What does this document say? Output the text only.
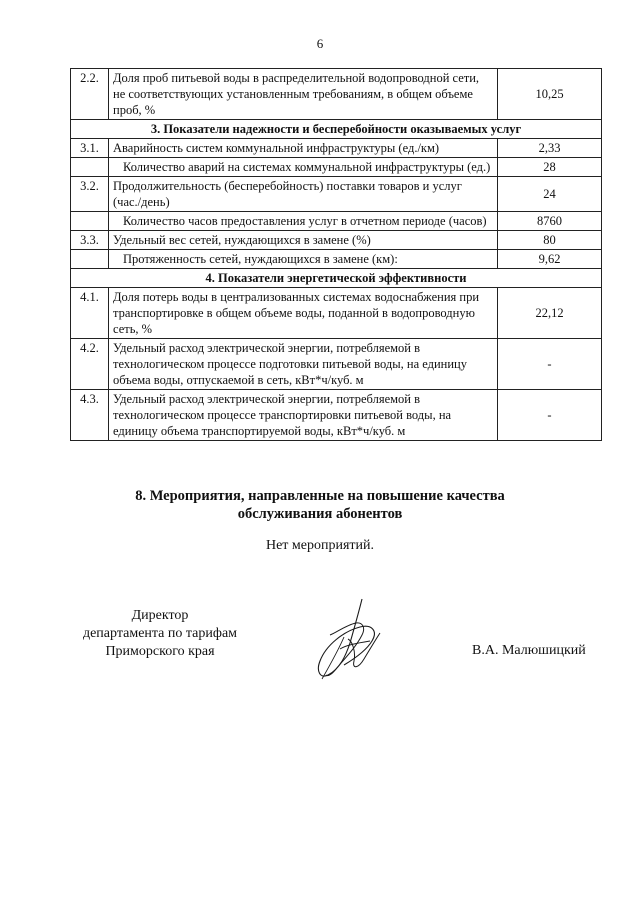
6
2.2.	Доля проб питьевой воды в распределительной водопроводной сети, не соответствующих установленным требованиям, в общем объеме проб, %	10,25
3. Показатели надежности и бесперебойности оказываемых услуг		
3.1.	Аварийность систем коммунальной инфраструктуры (ед./км)	2,33
	Количество аварий на системах коммунальной инфраструктуры (ед.)	28
3.2.	Продолжительность (бесперебойность) поставки товаров и услуг (час./день)	24
	Количество часов предоставления услуг в отчетном периоде (часов)	8760
3.3.	Удельный вес сетей, нуждающихся в замене (%)	80
	Протяженность сетей, нуждающихся в замене (км):	9,62
4. Показатели энергетической эффективности		
4.1.	Доля потерь воды в централизованных системах водоснабжения при транспортировке в общем объеме воды, поданной в водопроводную сеть, %	22,12
4.2.	Удельный расход электрической энергии, потребляемой в технологическом процессе подготовки питьевой воды, на единицу объема воды, отпускаемой в сеть, кВт*ч/куб. м	-
4.3.	Удельный расход электрической энергии, потребляемой в технологическом процессе транспортировки питьевой воды, на единицу объема транспортируемой воды, кВт*ч/куб. м	-
8. Мероприятия, направленные на повышение качества
обслуживания абонентов
Нет мероприятий.
Директор
департамента по тарифам
Приморского края	В.А. Малюшицкий
